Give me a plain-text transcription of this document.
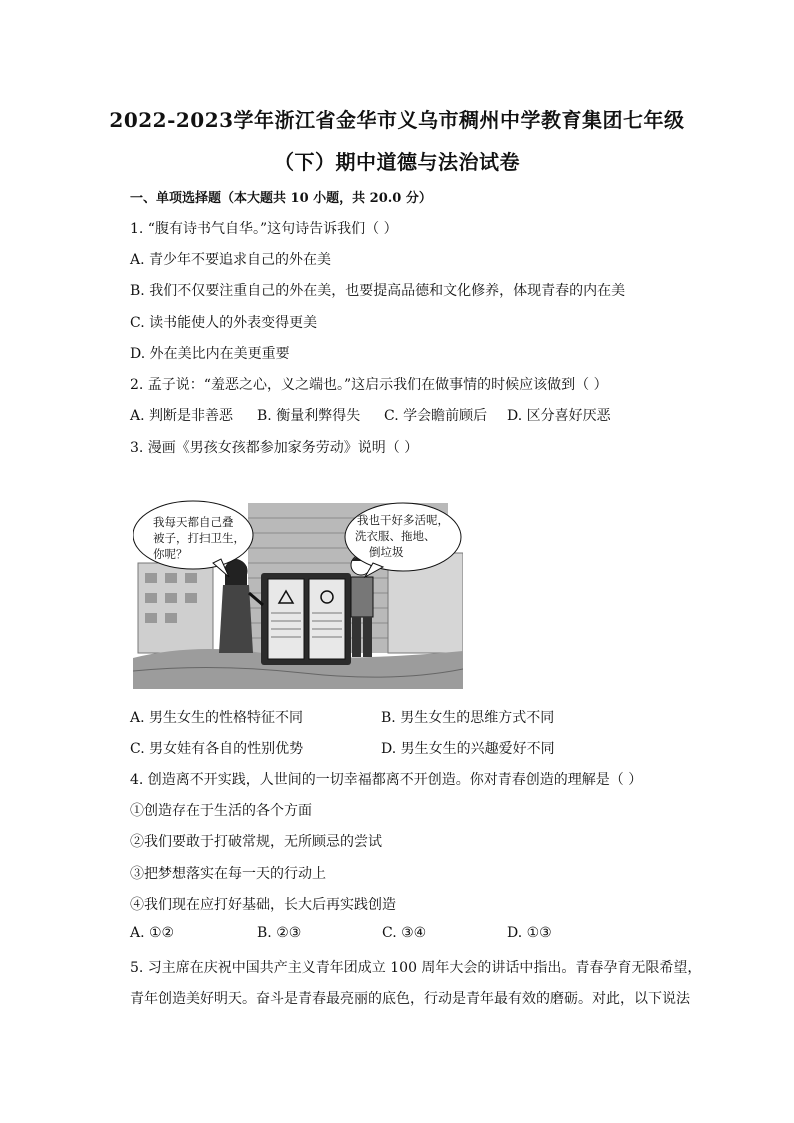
2022-2023学年浙江省金华市义乌市稠州中学教育集团七年级
（下）期中道德与法治试卷
一、单项选择题（本大题共 10 小题，共 20.0 分）
1. “腹有诗书气自华。”这句诗告诉我们（ ）
A. 青少年不要追求自己的外在美
B. 我们不仅要注重自己的外在美，也要提高品德和文化修养，体现青春的内在美
C. 读书能使人的外表变得更美
D. 外在美比内在美更重要
2. 孟子说：“羞恶之心，义之端也。”这启示我们在做事情的时候应该做到（ ）
A. 判断是非善恶 B. 衡量利弊得失 C. 学会瞻前顾后 D. 区分喜好厌恶
3. 漫画《男孩女孩都参加家务劳动》说明（ ）
我每天都自己叠
被子，打扫卫生，
你呢？
我也干好多活呢，
洗衣服、拖地、
倒垃圾
A. 男生女生的性格特征不同	B. 男生女生的思维方式不同
C. 男女娃有各自的性别优势	D. 男生女生的兴趣爱好不同
4. 创造离不开实践，人世间的一切幸福都离不开创造。你对青春创造的理解是（ ）
①创造存在于生活的各个方面
②我们要敢于打破常规，无所顾忌的尝试
③把梦想落实在每一天的行动上
④我们现在应打好基础，长大后再实践创造
A. ①②	B. ②③	C. ③④	D. ①③
5. 习主席在庆祝中国共产主义青年团成立 100 周年大会的讲话中指出。青春孕育无限希望，
青年创造美好明天。奋斗是青春最亮丽的底色，行动是青年最有效的磨砺。对此，以下说法
